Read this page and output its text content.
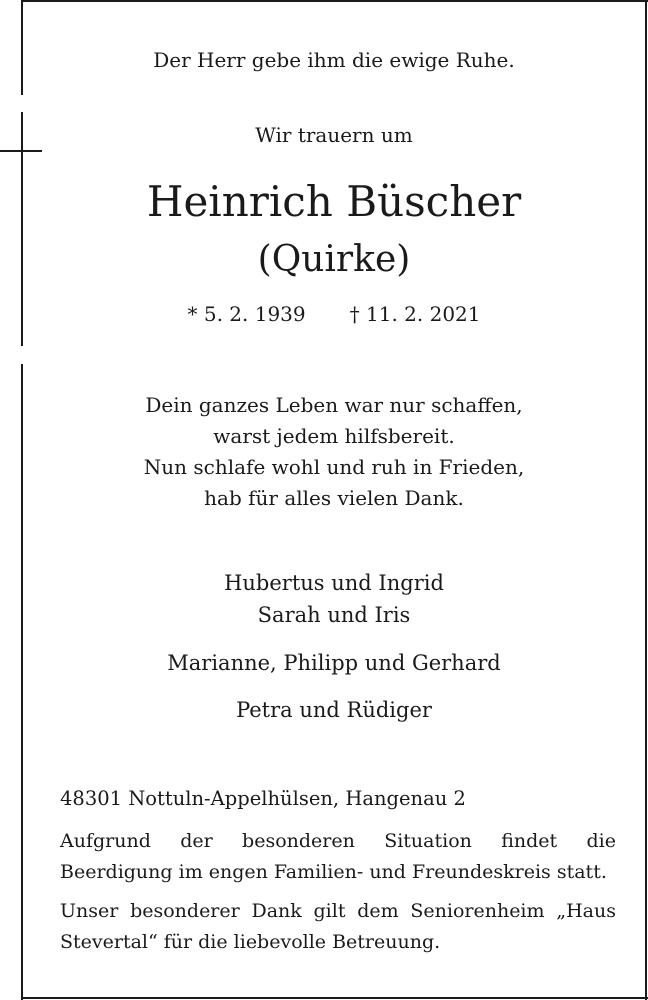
Der Herr gebe ihm die ewige Ruhe.
Wir trauern um
Heinrich Büscher
(Quirke)
* 5. 2. 1939 † 11. 2. 2021
Dein ganzes Leben war nur schaffen,
warst jedem hilfsbereit.
Nun schlafe wohl und ruh in Frieden,
hab für alles vielen Dank.
Hubertus und Ingrid
Sarah und Iris
Marianne, Philipp und Gerhard
Petra und Rüdiger
48301 Nottuln-Appelhülsen, Hangenau 2
Aufgrund der besonderen Situation findet die Beerdigung im engen Familien- und Freundeskreis statt.
Unser besonderer Dank gilt dem Seniorenheim „Haus Stevertal“ für die liebevolle Betreuung.
